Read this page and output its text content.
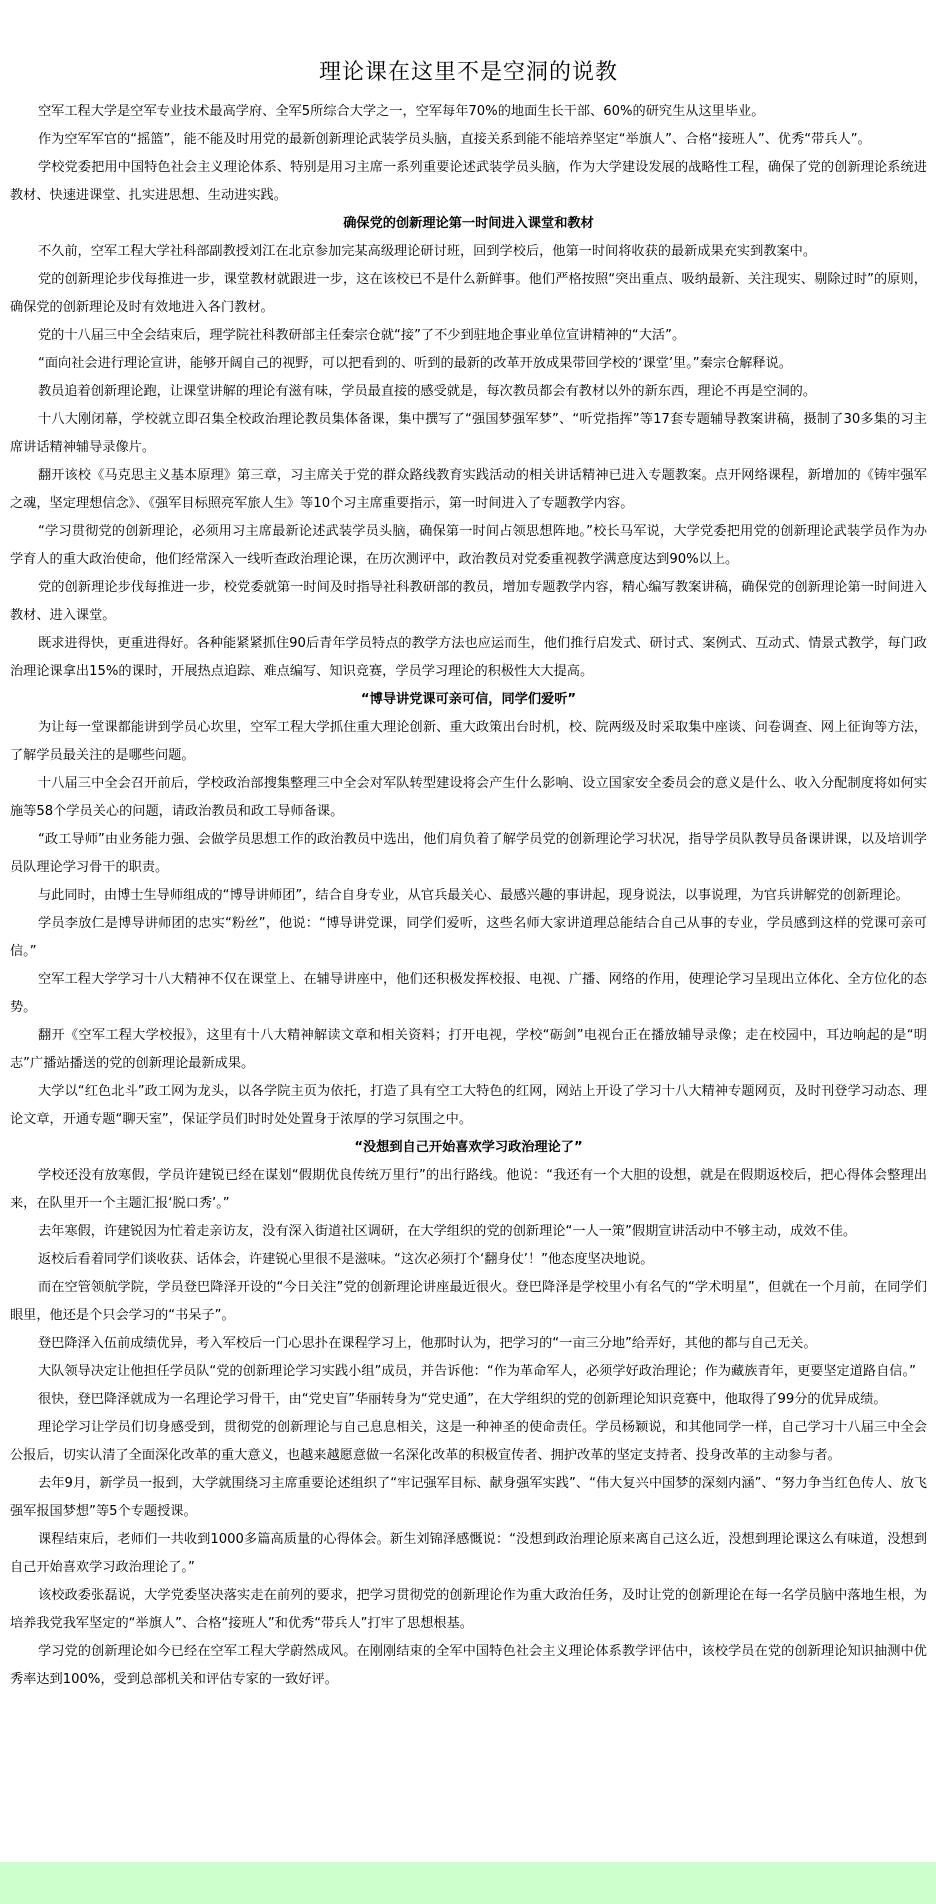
理论课在这里不是空洞的说教

空军工程大学是空军专业技术最高学府、全军5所综合大学之一，空军每年70%的地面生长干部、60%的研究生从这里毕业。

作为空军军官的“摇篮”，能不能及时用党的最新创新理论武装学员头脑，直接关系到能不能培养坚定“举旗人”、合格“接班人”、优秀“带兵人”。

学校党委把用中国特色社会主义理论体系、特别是用习主席一系列重要论述武装学员头脑，作为大学建设发展的战略性工程，确保了党的创新理论系统进教材、快速进课堂、扎实进思想、生动进实践。

确保党的创新理论第一时间进入课堂和教材

不久前，空军工程大学社科部副教授刘江在北京参加完某高级理论研讨班，回到学校后，他第一时间将收获的最新成果充实到教案中。

党的创新理论步伐每推进一步，课堂教材就跟进一步，这在该校已不是什么新鲜事。他们严格按照“突出重点、吸纳最新、关注现实、剔除过时”的原则，确保党的创新理论及时有效地进入各门教材。

党的十八届三中全会结束后，理学院社科教研部主任秦宗仓就“接”了不少到驻地企事业单位宣讲精神的“大活”。

“面向社会进行理论宣讲，能够开阔自己的视野，可以把看到的、听到的最新的改革开放成果带回学校的‘课堂’里。”秦宗仓解释说。

教员追着创新理论跑，让课堂讲解的理论有滋有味，学员最直接的感受就是，每次教员都会有教材以外的新东西，理论不再是空洞的。

十八大刚闭幕，学校就立即召集全校政治理论教员集体备课，集中撰写了“强国梦强军梦”、“听党指挥”等17套专题辅导教案讲稿，摄制了30多集的习主席讲话精神辅导录像片。

翻开该校《马克思主义基本原理》第三章，习主席关于党的群众路线教育实践活动的相关讲话精神已进入专题教案。点开网络课程，新增加的《铸牢强军之魂，坚定理想信念》、《强军目标照亮军旅人生》等10个习主席重要指示，第一时间进入了专题教学内容。

“学习贯彻党的创新理论，必须用习主席最新论述武装学员头脑，确保第一时间占领思想阵地。”校长马军说，大学党委把用党的创新理论武装学员作为办学育人的重大政治使命，他们经常深入一线听查政治理论课，在历次测评中，政治教员对党委重视教学满意度达到90%以上。

党的创新理论步伐每推进一步，校党委就第一时间及时指导社科教研部的教员，增加专题教学内容，精心编写教案讲稿，确保党的创新理论第一时间进入教材、进入课堂。

既求进得快，更重进得好。各种能紧紧抓住90后青年学员特点的教学方法也应运而生，他们推行启发式、研讨式、案例式、互动式、情景式教学，每门政治理论课拿出15%的课时，开展热点追踪、难点编写、知识竞赛，学员学习理论的积极性大大提高。

“博导讲党课可亲可信，同学们爱听”

为让每一堂课都能讲到学员心坎里，空军工程大学抓住重大理论创新、重大政策出台时机，校、院两级及时采取集中座谈、问卷调查、网上征询等方法，了解学员最关注的是哪些问题。

十八届三中全会召开前后，学校政治部搜集整理三中全会对军队转型建设将会产生什么影响、设立国家安全委员会的意义是什么、收入分配制度将如何实施等58个学员关心的问题，请政治教员和政工导师备课。

“政工导师”由业务能力强、会做学员思想工作的政治教员中选出，他们肩负着了解学员党的创新理论学习状况，指导学员队教导员备课讲课，以及培训学员队理论学习骨干的职责。

与此同时，由博士生导师组成的“博导讲师团”，结合自身专业，从官兵最关心、最感兴趣的事讲起，现身说法，以事说理，为官兵讲解党的创新理论。

学员李放仁是博导讲师团的忠实“粉丝”，他说：“博导讲党课，同学们爱听，这些名师大家讲道理总能结合自己从事的专业，学员感到这样的党课可亲可信。”

空军工程大学学习十八大精神不仅在课堂上、在辅导讲座中，他们还积极发挥校报、电视、广播、网络的作用，使理论学习呈现出立体化、全方位化的态势。

翻开《空军工程大学校报》，这里有十八大精神解读文章和相关资料；打开电视，学校“砺剑”电视台正在播放辅导录像；走在校园中，耳边响起的是“明志”广播站播送的党的创新理论最新成果。

大学以“红色北斗”政工网为龙头，以各学院主页为依托，打造了具有空工大特色的红网，网站上开设了学习十八大精神专题网页，及时刊登学习动态、理论文章，开通专题“聊天室”，保证学员们时时处处置身于浓厚的学习氛围之中。

“没想到自己开始喜欢学习政治理论了”

学校还没有放寒假，学员许建锐已经在谋划“假期优良传统万里行”的出行路线。他说：“我还有一个大胆的设想，就是在假期返校后，把心得体会整理出来，在队里开一个主题汇报‘脱口秀’。”

去年寒假，许建锐因为忙着走亲访友，没有深入街道社区调研，在大学组织的党的创新理论“一人一策”假期宣讲活动中不够主动，成效不佳。

返校后看着同学们谈收获、话体会，许建锐心里很不是滋味。“这次必须打个‘翻身仗’！”他态度坚决地说。

而在空管领航学院，学员登巴降泽开设的“今日关注”党的创新理论讲座最近很火。登巴降泽是学校里小有名气的“学术明星”，但就在一个月前，在同学们眼里，他还是个只会学习的“书呆子”。

登巴降泽入伍前成绩优异，考入军校后一门心思扑在课程学习上，他那时认为，把学习的“一亩三分地”给弄好，其他的都与自己无关。

大队领导决定让他担任学员队“党的创新理论学习实践小组”成员，并告诉他：“作为革命军人，必须学好政治理论；作为藏族青年，更要坚定道路自信。”

很快，登巴降泽就成为一名理论学习骨干，由“党史盲”华丽转身为“党史通”，在大学组织的党的创新理论知识竞赛中，他取得了99分的优异成绩。

理论学习让学员们切身感受到，贯彻党的创新理论与自己息息相关，这是一种神圣的使命责任。学员杨颖说，和其他同学一样，自己学习十八届三中全会公报后，切实认清了全面深化改革的重大意义，也越来越愿意做一名深化改革的积极宣传者、拥护改革的坚定支持者、投身改革的主动参与者。

去年9月，新学员一报到，大学就围绕习主席重要论述组织了“牢记强军目标、献身强军实践”、“伟大复兴中国梦的深刻内涵”、“努力争当红色传人、放飞强军报国梦想”等5个专题授课。

课程结束后，老师们一共收到1000多篇高质量的心得体会。新生刘锦泽感慨说：“没想到政治理论原来离自己这么近，没想到理论课这么有味道，没想到自己开始喜欢学习政治理论了。”

该校政委张磊说，大学党委坚决落实走在前列的要求，把学习贯彻党的创新理论作为重大政治任务，及时让党的创新理论在每一名学员脑中落地生根，为培养我党我军坚定的“举旗人”、合格“接班人”和优秀“带兵人”打牢了思想根基。

学习党的创新理论如今已经在空军工程大学蔚然成风。在刚刚结束的全军中国特色社会主义理论体系教学评估中，该校学员在党的创新理论知识抽测中优秀率达到100%，受到总部机关和评估专家的一致好评。
